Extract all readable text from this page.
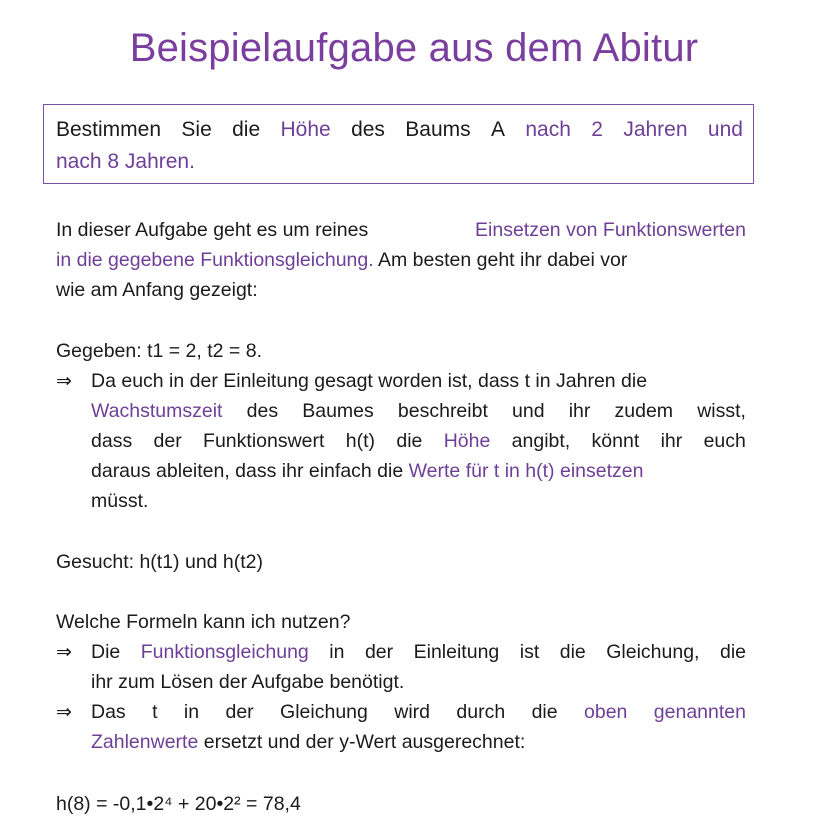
Beispielaufgabe aus dem Abitur
Bestimmen Sie die Höhe des Baums A nach 2 Jahren und
nach 8 Jahren.
In dieser Aufgabe geht es um reines	Einsetzen von Funktionswerten
in die gegebene Funktionsgleichung. Am besten geht ihr dabei vor
wie am Anfang gezeigt:
Gegeben: t1 = 2, t2 = 8.
⇒ Da euch in der Einleitung gesagt worden ist, dass t in Jahren die
Wachstumszeit des Baumes beschreibt und ihr zudem wisst,
dass der Funktionswert h(t) die Höhe angibt, könnt ihr euch
daraus ableiten, dass ihr einfach die Werte für t in h(t) einsetzen
müsst.
Gesucht: h(t1) und h(t2)
Welche Formeln kann ich nutzen?
⇒ Die Funktionsgleichung in der Einleitung ist die Gleichung, die
ihr zum Lösen der Aufgabe benötigt.
⇒ Das t in der Gleichung wird durch die oben genannten
Zahlenwerte ersetzt und der y-Wert ausgerechnet:
h(8) = -0,1•2⁴ + 20•2² = 78,4
